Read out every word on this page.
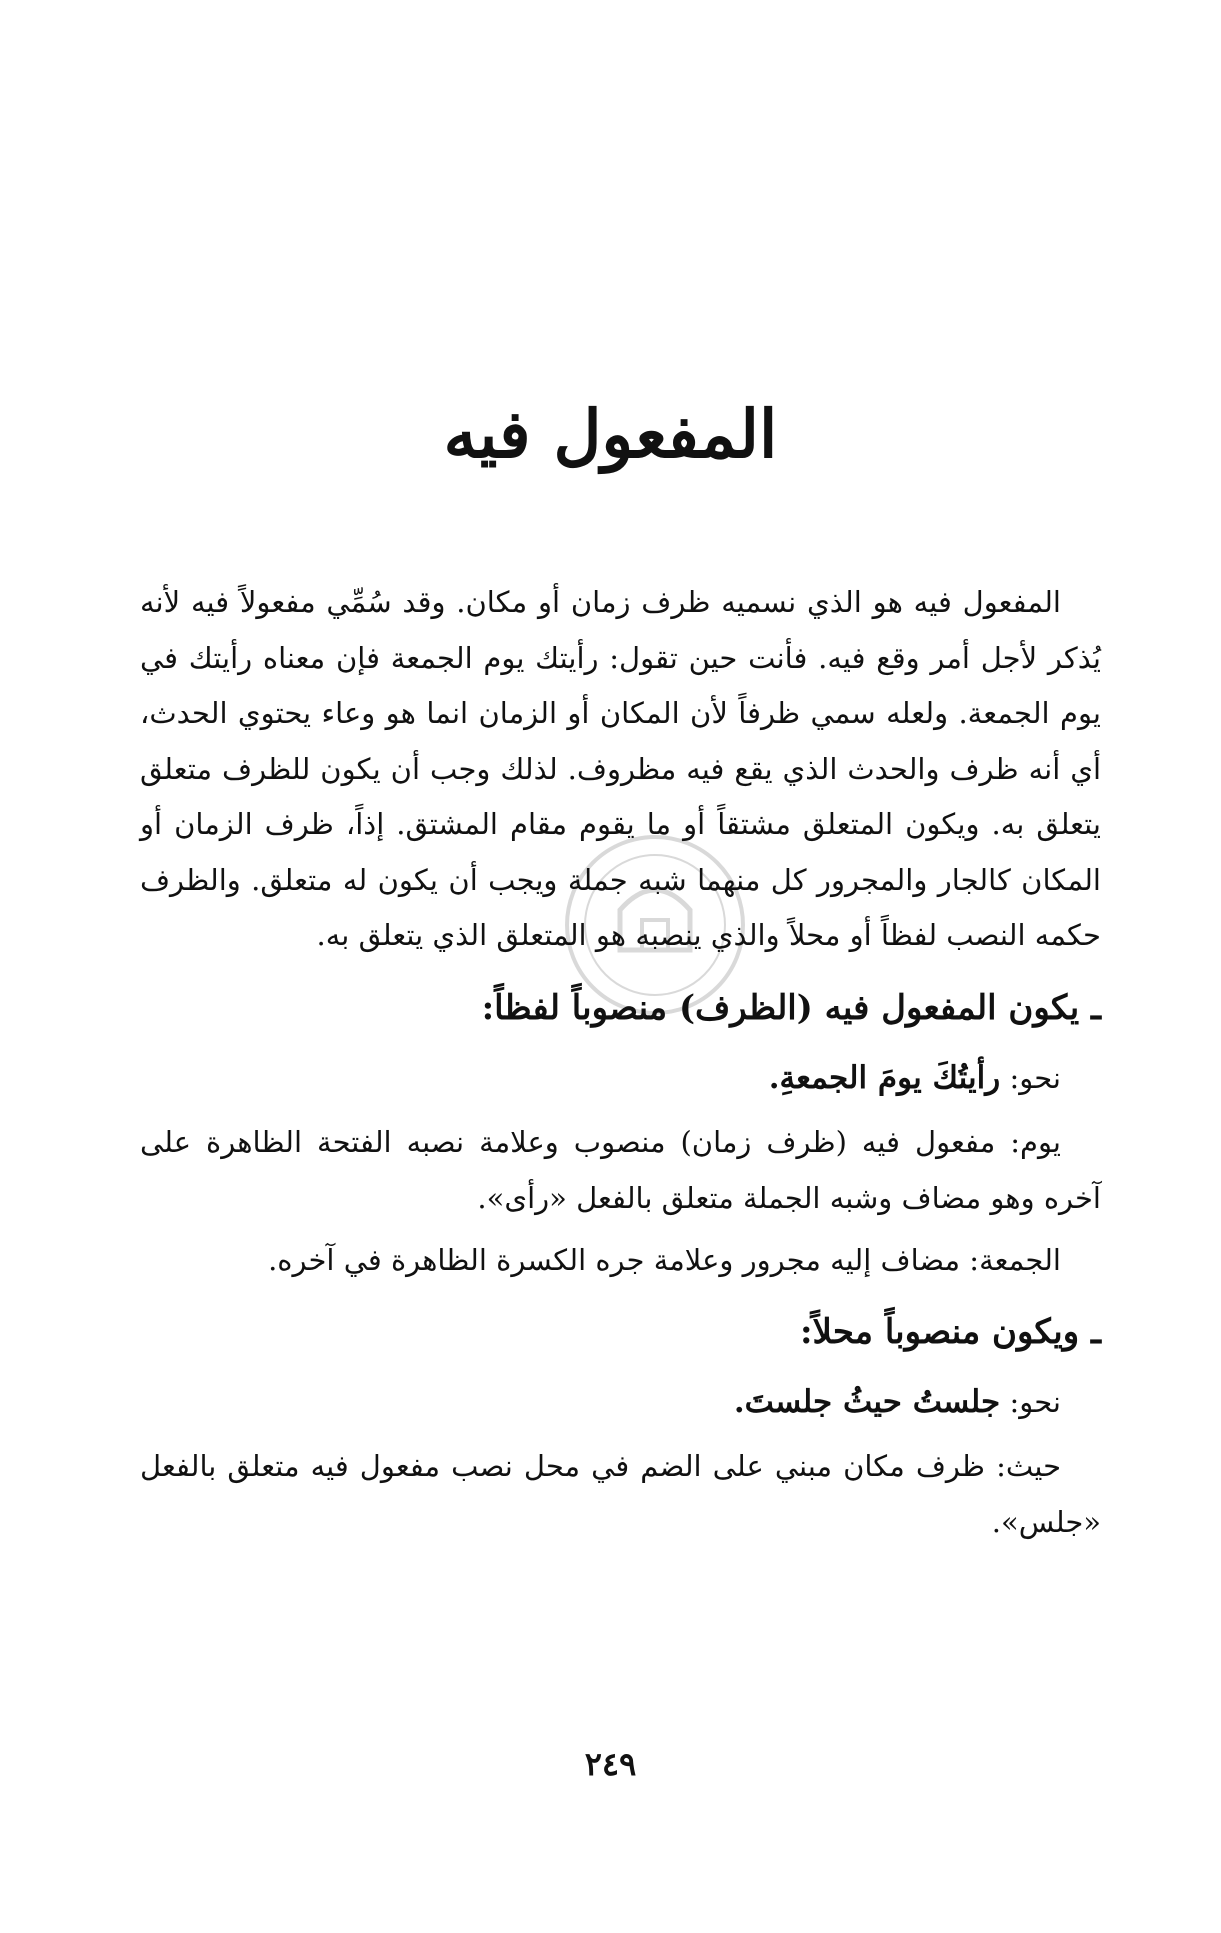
المفعول فيه

المفعول فيه هو الذي نسميه ظرف زمان أو مكان. وقد سُمِّي مفعولاً فيه لأنه يُذكر لأجل أمر وقع فيه. فأنت حين تقول: رأيتك يوم الجمعة فإن معناه رأيتك في يوم الجمعة. ولعله سمي ظرفاً لأن المكان أو الزمان انما هو وعاء يحتوي الحدث، أي أنه ظرف والحدث الذي يقع فيه مظروف. لذلك وجب أن يكون للظرف متعلق يتعلق به. ويكون المتعلق مشتقاً أو ما يقوم مقام المشتق. إذاً، ظرف الزمان أو المكان كالجار والمجرور كل منهما شبه جملة ويجب أن يكون له متعلق. والظرف حكمه النصب لفظاً أو محلاً والذي ينصبه هو المتعلق الذي يتعلق به.

ـ يكون المفعول فيه (الظرف) منصوباً لفظاً:

نحو: رأيتُكَ يومَ الجمعةِ.

يوم: مفعول فيه (ظرف زمان) منصوب وعلامة نصبه الفتحة الظاهرة على آخره وهو مضاف وشبه الجملة متعلق بالفعل «رأى».

الجمعة: مضاف إليه مجرور وعلامة جره الكسرة الظاهرة في آخره.

ـ ويكون منصوباً محلاً:

نحو: جلستُ حيثُ جلستَ.

حيث: ظرف مكان مبني على الضم في محل نصب مفعول فيه متعلق بالفعل «جلس».

٢٤٩
